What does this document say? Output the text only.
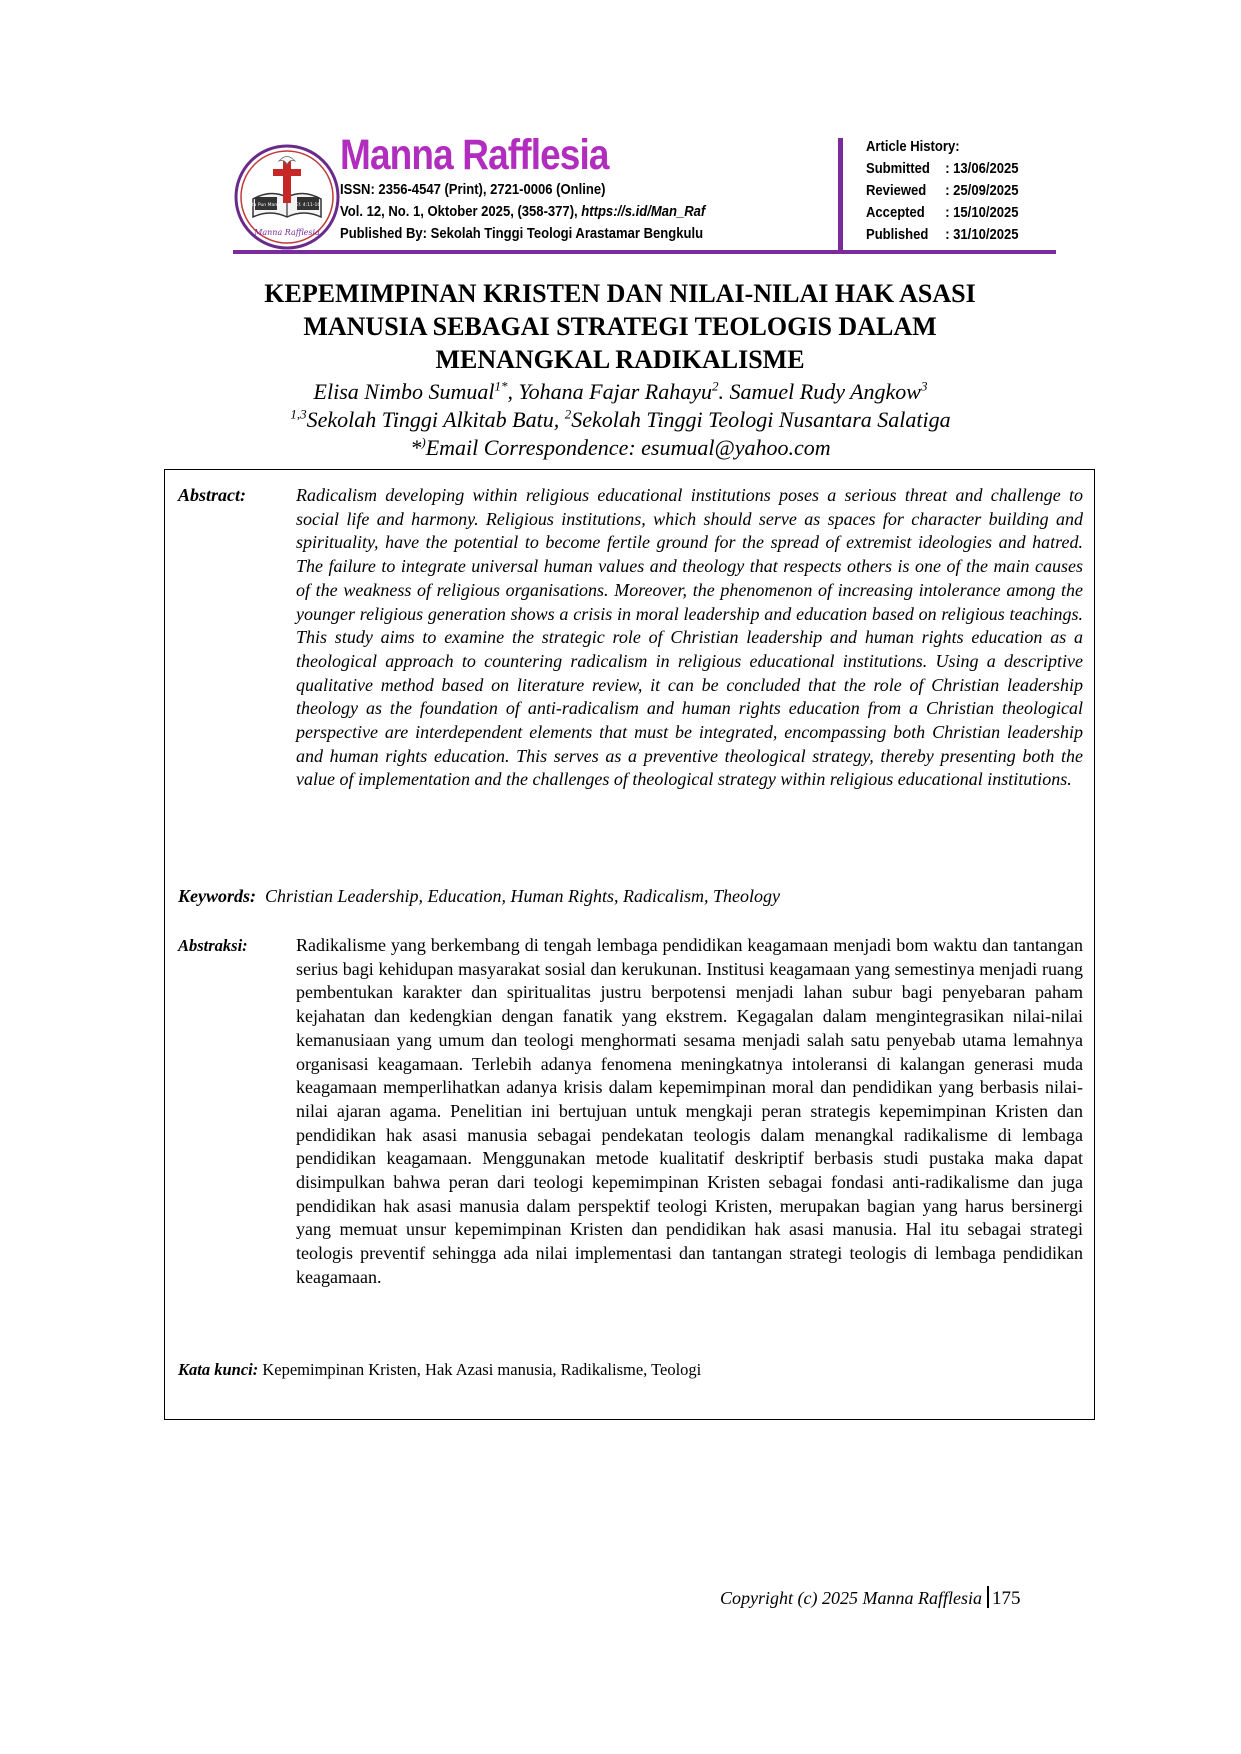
Kita Pun Mampu	Ef. 4:11-16
Manna Rafflesia
Manna Rafflesia
ISSN: 2356-4547 (Print), 2721-0006 (Online)
Vol. 12, No. 1, Oktober 2025, (358-377), https://s.id/Man_Raf
Published By: Sekolah Tinggi Teologi Arastamar Bengkulu
Article History:
Submitted	: 13/06/2025
Reviewed	: 25/09/2025
Accepted	: 15/10/2025
Published	: 31/10/2025
KEPEMIMPINAN KRISTEN DAN NILAI-NILAI HAK ASASI
MANUSIA SEBAGAI STRATEGI TEOLOGIS DALAM
MENANGKAL RADIKALISME
Elisa Nimbo Sumual$^{1*}$, Yohana Fajar Rahayu$^2$. Samuel Rudy Angkow$^3$
$^{1,3}$Sekolah Tinggi Alkitab Batu, $^2$Sekolah Tinggi Teologi Nusantara Salatiga
*)Email Correspondence: esumual@yahoo.com
Abstract:	Radicalism developing within religious educational institutions poses a serious threat and challenge to social life and harmony. Religious institutions, which should serve as spaces for character building and spirituality, have the potential to become fertile ground for the spread of extremist ideologies and hatred. The failure to integrate universal human values and theology that respects others is one of the main causes of the weakness of religious organisations. Moreover, the phenomenon of increasing intolerance among the younger religious generation shows a crisis in moral leadership and education based on religious teachings. This study aims to examine the strategic role of Christian leadership and human rights education as a theological approach to countering radicalism in religious educational institutions. Using a descriptive qualitative method based on literature review, it can be concluded that the role of Christian leadership theology as the foundation of anti-radicalism and human rights education from a Christian theological perspective are interdependent elements that must be integrated, encompassing both Christian leadership and human rights education. This serves as a preventive theological strategy, thereby presenting both the value of implementation and the challenges of theological strategy within religious educational institutions.
Keywords: Christian Leadership, Education, Human Rights, Radicalism, Theology
Abstraksi:	Radikalisme yang berkembang di tengah lembaga pendidikan keagamaan menjadi bom waktu dan tantangan serius bagi kehidupan masyarakat sosial dan kerukunan. Institusi keagamaan yang semestinya menjadi ruang pembentukan karakter dan spiritualitas justru berpotensi menjadi lahan subur bagi penyebaran paham kejahatan dan kedengkian dengan fanatik yang ekstrem. Kegagalan dalam mengintegrasikan nilai-nilai kemanusiaan yang umum dan teologi menghormati sesama menjadi salah satu penyebab utama lemahnya organisasi keagamaan. Terlebih adanya fenomena meningkatnya intoleransi di kalangan generasi muda keagamaan memperlihatkan adanya krisis dalam kepemimpinan moral dan pendidikan yang berbasis nilai-nilai ajaran agama. Penelitian ini bertujuan untuk mengkaji peran strategis kepemimpinan Kristen dan pendidikan hak asasi manusia sebagai pendekatan teologis dalam menangkal radikalisme di lembaga pendidikan keagamaan. Menggunakan metode kualitatif deskriptif berbasis studi pustaka maka dapat disimpulkan bahwa peran dari teologi kepemimpinan Kristen sebagai fondasi anti-radikalisme dan juga pendidikan hak asasi manusia dalam perspektif teologi Kristen, merupakan bagian yang harus bersinergi yang memuat unsur kepemimpinan Kristen dan pendidikan hak asasi manusia. Hal itu sebagai strategi teologis preventif sehingga ada nilai implementasi dan tantangan strategi teologis di lembaga pendidikan keagamaan.
Kata kunci: Kepemimpinan Kristen, Hak Azasi manusia, Radikalisme, Teologi
Copyright (c) 2025 Manna Rafflesia 175
